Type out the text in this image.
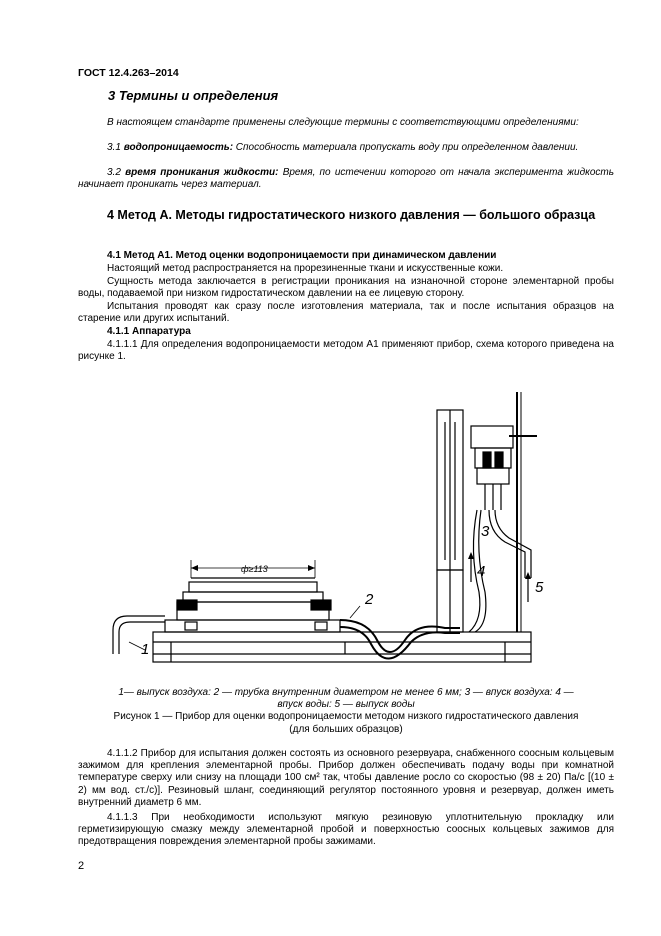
ГОСТ 12.4.263–2014
3 Термины и определения
В настоящем стандарте применены следующие термины с соответствующими определениями:
3.1 водопроницаемость: Способность материала пропускать воду при определенном давлении.
3.2 время проникания жидкости: Время, по истечении которого от начала эксперимента жидкость начинает проникать через материал.
4 Метод А. Методы гидростатического низкого давления — большого образца
4.1 Метод А1. Метод оценки водопроницаемости при динамическом давлении
Настоящий метод распространяется на прорезиненные ткани и искусственные кожи.
Сущность метода заключается в регистрации проникания на изнаночной стороне элементарной пробы воды, подаваемой при низком гидростатическом давлении на ее лицевую сторону.
Испытания проводят как сразу после изготовления материала, так и после испытания образцов на старение или других испытаний.
4.1.1 Аппаратура
4.1.1.1 Для определения водопроницаемости методом А1 применяют прибор, схема которого приведена на рисунке 1.
ф≥113
1
2
3
4
5
1— выпуск воздуха: 2 — трубка внутренним диаметром не менее 6 мм; 3 — впуск воздуха: 4 —
впуск воды: 5 — выпуск воды
Рисунок 1 — Прибор для оценки водопроницаемости методом низкого гидростатического давления
(для больших образцов)
4.1.1.2 Прибор для испытания должен состоять из основного резервуара, снабженного соосным кольцевым зажимом для крепления элементарной пробы. Прибор должен обеспечивать подачу воды при комнатной температуре сверху или снизу на площади 100 см² так, чтобы давление росло со скоростью (98 ± 20) Па/с [(10 ± 2) мм вод. ст./с)]. Резиновый шланг, соединяющий регулятор постоянного уровня и резервуар, должен иметь внутренний диаметр 6 мм.
4.1.1.3 При необходимости используют мягкую резиновую уплотнительную прокладку или герметизирующую смазку между элементарной пробой и поверхностью соосных кольцевых зажимов для предотвращения повреждения элементарной пробы зажимами.
2
